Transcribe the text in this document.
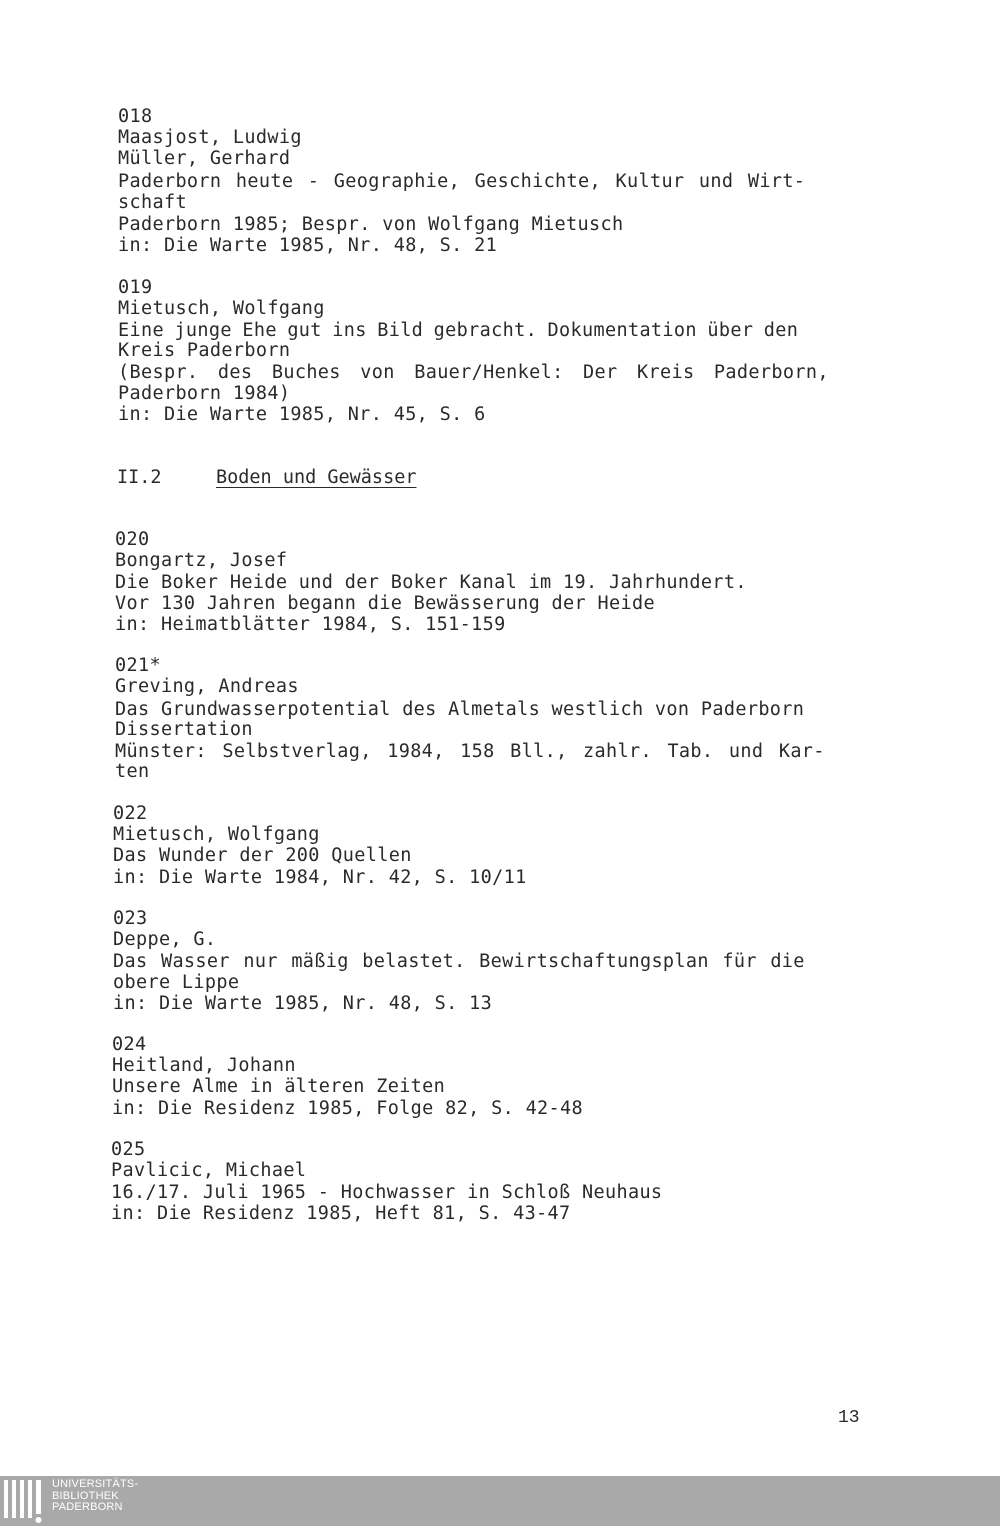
018
Maasjost, Ludwig
Müller, Gerhard
Paderborn heute - Geographie, Geschichte, Kultur und Wirt-
schaft
Paderborn 1985; Bespr. von Wolfgang Mietusch
in: Die Warte 1985, Nr. 48, S. 21
019
Mietusch, Wolfgang
Eine junge Ehe gut ins Bild gebracht. Dokumentation über den
Kreis Paderborn
(Bespr. des Buches von Bauer/Henkel: Der Kreis Paderborn,
Paderborn 1984)
in: Die Warte 1985, Nr. 45, S. 6
II.2	Boden und Gewässer
020
Bongartz, Josef
Die Boker Heide und der Boker Kanal im 19. Jahrhundert.
Vor 130 Jahren begann die Bewässerung der Heide
in: Heimatblätter 1984, S. 151-159
021*
Greving, Andreas
Das Grundwasserpotential des Almetals westlich von Paderborn
Dissertation
Münster: Selbstverlag, 1984, 158 Bll., zahlr. Tab. und Kar-
ten
022
Mietusch, Wolfgang
Das Wunder der 200 Quellen
in: Die Warte 1984, Nr. 42, S. 10/11
023
Deppe, G.
Das Wasser nur mäßig belastet. Bewirtschaftungsplan für die
obere Lippe
in: Die Warte 1985, Nr. 48, S. 13
024
Heitland, Johann
Unsere Alme in älteren Zeiten
in: Die Residenz 1985, Folge 82, S. 42-48
025
Pavlicic, Michael
16./17. Juli 1965 - Hochwasser in Schloß Neuhaus
in: Die Residenz 1985, Heft 81, S. 43-47
13
UNIVERSITÄTS-
BIBLIOTHEK
PADERBORN
